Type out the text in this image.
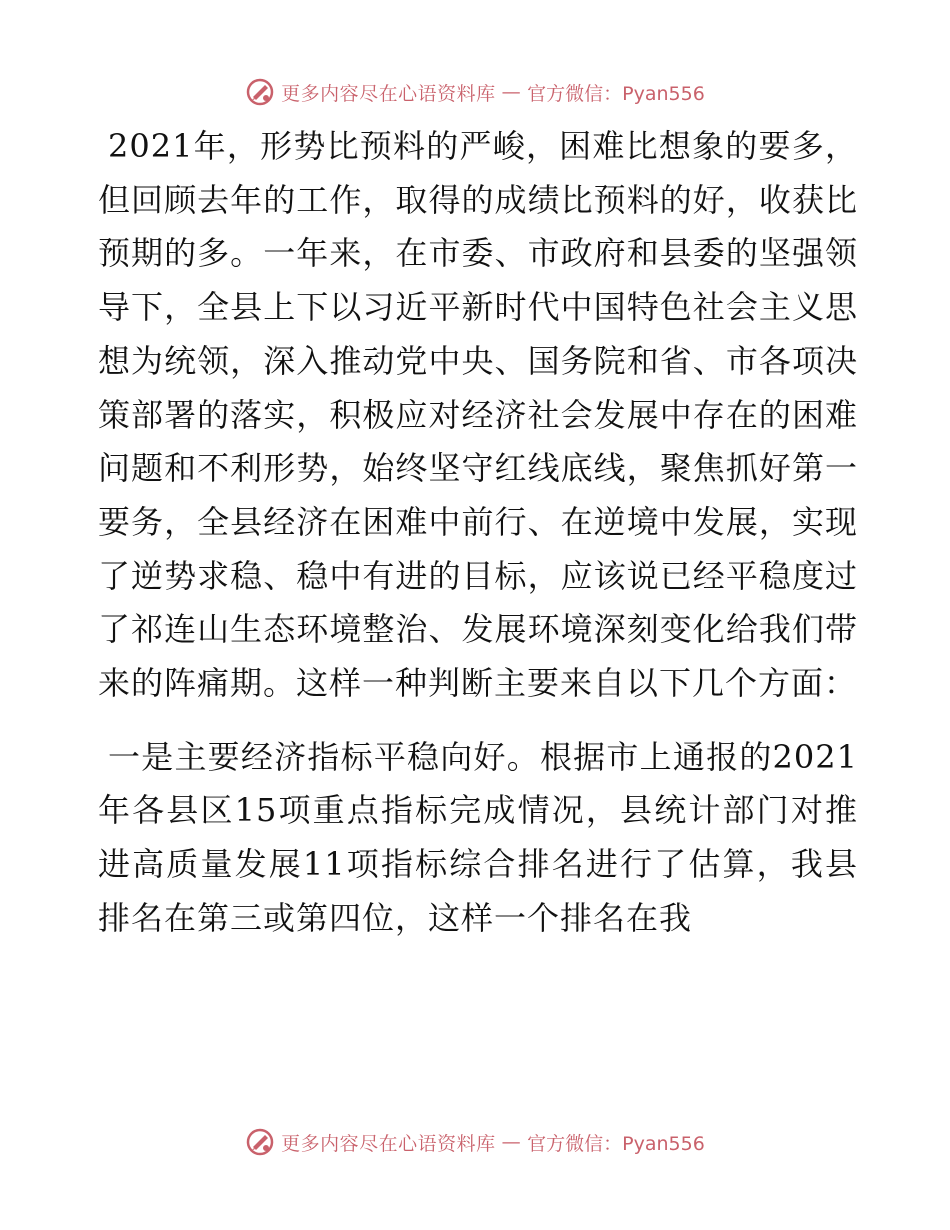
更多内容尽在心语资料库 — 官方微信：Pyan556

2021年，形势比预料的严峻，困难比想象的要多，但回顾去年的工作，取得的成绩比预料的好，收获比预期的多。一年来，在市委、市政府和县委的坚强领导下，全县上下以习近平新时代中国特色社会主义思想为统领，深入推动党中央、国务院和省、市各项决策部署的落实，积极应对经济社会发展中存在的困难问题和不利形势，始终坚守红线底线，聚焦抓好第一要务，全县经济在困难中前行、在逆境中发展，实现了逆势求稳、稳中有进的目标，应该说已经平稳度过了祁连山生态环境整治、发展环境深刻变化给我们带来的阵痛期。这样一种判断主要来自以下几个方面：

一是主要经济指标平稳向好。根据市上通报的2021年各县区15项重点指标完成情况，县统计部门对推进高质量发展11项指标综合排名进行了估算，我县排名在第三或第四位，这样一个排名在我

更多内容尽在心语资料库 — 官方微信：Pyan556
